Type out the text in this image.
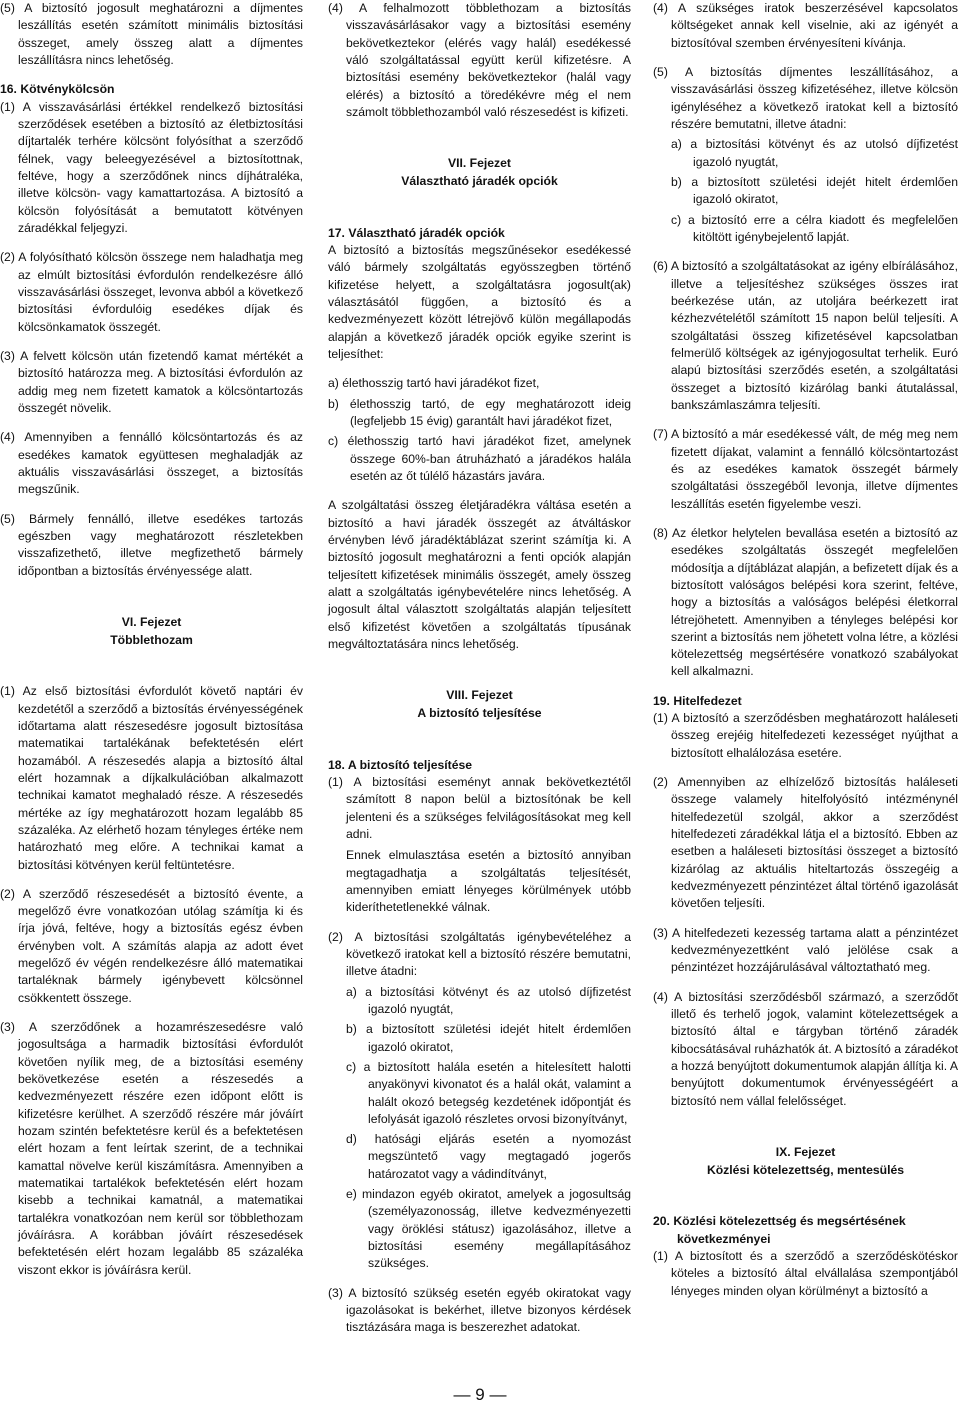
(5) A biztosító jogosult meghatározni a díjmentes leszállítás esetén számított minimális biztosítási összeget, amely összeg alatt a díjmentes leszállításra nincs lehetőség.
16. Kötvénykölcsön
(1) A visszavásárlási értékkel rendelkező biztosítási szerződések esetében a biztosító az életbiztosítási díjtartalék terhére kölcsönt folyósíthat a szerződő félnek, vagy beleegyezésével a biztosítottnak, feltéve, hogy a szerződőnek nincs díjhátraléka, illetve kölcsön- vagy kamattartozása. A biztosító a kölcsön folyósítását a bemutatott kötvényen záradékkal feljegyzi.
(2) A folyósítható kölcsön összege nem haladhatja meg az elmúlt biztosítási évfordulón rendelkezésre álló visszavásárlási összeget, levonva abból a következő biztosítási évfordulóig esedékes díjak és kölcsönkamatok összegét.
(3) A felvett kölcsön után fizetendő kamat mértékét a biztosító határozza meg. A biztosítási évfordulón az addig meg nem fizetett kamatok a kölcsöntartozás összegét növelik.
(4) Amennyiben a fennálló kölcsöntartozás és az esedékes kamatok együttesen meghaladják az aktuális visszavásárlási összeget, a biztosítás megszűnik.
(5) Bármely fennálló, illetve esedékes tartozás egészben vagy meghatározott részletekben visszafizethető, illetve megfizethető bármely időpontban a biztosítás érvényessége alatt.
VI. Fejezet
Többlethozam
(1) Az első biztosítási évfordulót követő naptári év kezdetétől a szerződő a biztosítás érvényességének időtartama alatt részesedésre jogosult biztosítása matematikai tartalékának befektetésén elért hozamából. A részesedés alapja a biztosító által elért hozamnak a díjkalkulációban alkalmazott technikai kamatot meghaladó része. A részesedés mértéke az így meghatározott hozam legalább 85 százaléka. Az elérhető hozam tényleges értéke nem határozható meg előre. A technikai kamat a biztosítási kötvényen kerül feltüntetésre.
(2) A szerződő részesedését a biztosító évente, a megelőző évre vonatkozóan utólag számítja ki és írja jóvá, feltéve, hogy a biztosítás egész évben érvényben volt. A számítás alapja az adott évet megelőző év végén rendelkezésre álló matematikai tartaléknak bármely igénybevett kölcsönnel csökkentett összege.
(3) A szerződőnek a hozamrészesedésre való jogosultsága a harmadik biztosítási évfordulót követően nyílik meg, de a biztosítási esemény bekövetkezése esetén a részesedés a kedvezményezett részére ezen időpont előtt is kifizetésre kerülhet. A szerződő részére már jóváírt hozam szintén befektetésre kerül és a befektetésen elért hozam a fent leírtak szerint, de a technikai kamattal növelve kerül kiszámításra. Amennyiben a matematikai tartalékok befektetésén elért hozam kisebb a technikai kamatnál, a matematikai tartalékra vonatkozóan nem kerül sor többlethozam jóváírásra. A korábban jóváírt részesedések befektetésén elért hozam legalább 85 százaléka viszont ekkor is jóváírásra kerül.
(4) A felhalmozott többlethozam a biztosítás visszavásárlásakor vagy a biztosítási esemény bekövetkeztekor (elérés vagy halál) esedékessé váló szolgáltatással együtt kerül kifizetésre. A biztosítási esemény bekövetkeztekor (halál vagy elérés) a biztosító a töredékévre még el nem számolt többlethozamból való részesedést is kifizeti.
VII. Fejezet
Választható járadék opciók
17. Választható járadék opciók

A biztosító a biztosítás megszűnésekor esedékessé váló bármely szolgáltatás egyösszegben történő kifizetése helyett, a szolgáltatásra jogosult(ak) választásától függően, a biztosító és a kedvezményezett között létrejövő külön megállapodás alapján a következő járadék opciók egyike szerint is teljesíthet:

a) élethosszig tartó havi járadékot fizet,
b) élethosszig tartó, de egy meghatározott ideig (legfeljebb 15 évig) garantált havi járadékot fizet,
c) élethosszig tartó havi járadékot fizet, amelynek összege 60%-ban átruházható a járadékos halála esetén az őt túlélő házastárs javára.

A szolgáltatási összeg életjáradékra váltása esetén a biztosító a havi járadék összegét az átváltáskor érvényben lévő járadéktáblázat szerint számítja ki. A biztosító jogosult meghatározni a fenti opciók alapján teljesített kifizetések minimális összegét, amely összeg alatt a szolgáltatás igénybevételére nincs lehetőség. A jogosult által választott szolgáltatás alapján teljesített első kifizetést követően a szolgáltatás típusának megváltoztatására nincs lehetőség.

VIII. Fejezet
A biztosító teljesítése
18. A biztosító teljesítése
(1) A biztosítási eseményt annak bekövetkeztétől számított 8 napon belül a biztosítónak be kell jelenteni és a szükséges felvilágosításokat meg kell adni.
Ennek elmulasztása esetén a biztosító annyiban megtagadhatja a szolgáltatás teljesítését, amennyiben emiatt lényeges körülmények utóbb kideríthetetlenekké válnak.
(2) A biztosítási szolgáltatás igénybevételéhez a következő iratokat kell a biztosító részére bemutatni, illetve átadni:
a) a biztosítási kötvényt és az utolsó díjfizetést igazoló nyugtát,
b) a biztosított születési idejét hitelt érdemlően igazoló okiratot,
c) a biztosított halála esetén a hitelesített halotti anyakönyvi kivonatot és a halál okát, valamint a halált okozó betegség kezdetének időpontját és lefolyását igazoló részletes orvosi bizonyítványt,
d) hatósági eljárás esetén a nyomozást megszüntető vagy megtagadó jogerős határozatot vagy a vádindítványt,
e) mindazon egyéb okiratot, amelyek a jogosultság (személyazonosság, illetve kedvezményezetti vagy öröklési státusz) igazolásához, illetve a biztosítási esemény megállapításához szükséges.
(3) A biztosító szükség esetén egyéb okiratokat vagy igazolásokat is bekérhet, illetve bizonyos kérdések tisztázására maga is beszerezhet adatokat.
(4) A szükséges iratok beszerzésével kapcsolatos költségeket annak kell viselnie, aki az igényét a biztosítóval szemben érvényesíteni kívánja.
(5) A biztosítás díjmentes leszállításához, a visszavásárlási összeg kifizetéséhez, illetve kölcsön igényléséhez a következő iratokat kell a biztosító részére bemutatni, illetve átadni:
a) a biztosítási kötvényt és az utolsó díjfizetést igazoló nyugtát,
b) a biztosított születési idejét hitelt érdemlően igazoló okiratot,
c) a biztosító erre a célra kiadott és megfelelően kitöltött igénybejelentő lapját.
(6) A biztosító a szolgáltatásokat az igény elbírálásához, illetve a teljesítéshez szükséges összes irat beérkezése után, az utoljára beérkezett irat kézhezvételétől számított 15 napon belül teljesíti. A szolgáltatási összeg kifizetésével kapcsolatban felmerülő költségek az igényjogosultat terhelik. Euró alapú biztosítási szerződés esetén, a szolgáltatási összeget a biztosító kizárólag banki átutalással, bankszámlaszámra teljesíti.
(7) A biztosító a már esedékessé vált, de még meg nem fizetett díjakat, valamint a fennálló kölcsöntartozást és az esedékes kamatok összegét bármely szolgáltatási összegéből levonja, illetve díjmentes leszállítás esetén figyelembe veszi.
(8) Az életkor helytelen bevallása esetén a biztosító az esedékes szolgáltatás összegét megfelelően módosítja a díjtáblázat alapján, a befizetett díjak és a biztosított valóságos belépési kora szerint, feltéve, hogy a biztosítás a valóságos belépési életkorral létrejöhetett. Amennyiben a tényleges belépési kor szerint a biztosítás nem jöhetett volna létre, a közlési kötelezettség megsértésére vonatkozó szabályokat kell alkalmazni.
19. Hitelfedezet
(1) A biztosító a szerződésben meghatározott haláleseti összeg erejéig hitelfedezeti kezességet nyújthat a biztosított elhalálozása esetére.
(2) Amennyiben az elhízelőző biztosítás haláleseti összege valamely hitelfolyósító intézménynél hitelfedezetül szolgál, akkor a szerződést hitelfedezeti záradékkal látja el a biztosító. Ebben az esetben a haláleseti biztosítási összeget a biztosító kizárólag az aktuális hiteltartozás összegéig a kedvezményezett pénzintézet által történő igazolását követően teljesíti.
(3) A hitelfedezeti kezesség tartama alatt a pénzintézet kedvezményezettként való jelölése csak a pénzintézet hozzájárulásával változtatható meg.
(4) A biztosítási szerződésből származó, a szerződőt illető és terhelő jogok, valamint kötelezettségek a biztosító által e tárgyban történő záradék kibocsátásával ruházhatók át. A biztosító a záradékot a hozzá benyújtott dokumentumok alapján állítja ki. A benyújtott dokumentumok érvényességéért a biztosító nem vállal felelősséget.
IX. Fejezet
Közlési kötelezettség, mentesülés
20. Közlési kötelezettség és megsértésének
következményei
(1) A biztosított és a szerződő a szerződéskötéskor köteles a biztosító által elvállalása szempontjából lényeges minden olyan körülményt a biztosító a
— 9 —
